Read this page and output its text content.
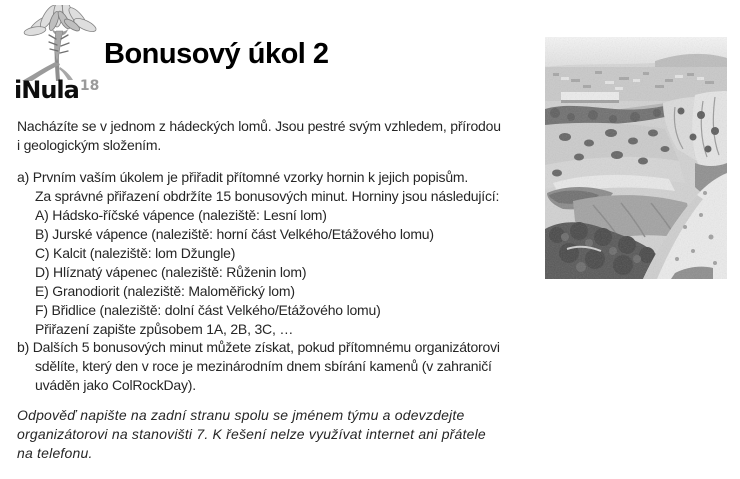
iNula$^{18}$
Bonusový úkol 2
Nacházíte se v jednom z hádeckých lomů. Jsou pestré svým vzhledem, přírodou
i geologickým složením.
a) Prvním vaším úkolem je přiřadit přítomné vzorky hornin k jejich popisům.
Za správné přiřazení obdržíte 15 bonusových minut. Horniny jsou následující:
A) Hádsko-říčské vápence (naleziště: Lesní lom)
B) Jurské vápence (naleziště: horní část Velkého/Etážového lomu)
C) Kalcit (naleziště: lom Džungle)
D) Hlíznatý vápenec (naleziště: Růženin lom)
E) Granodiorit (naleziště: Maloměřický lom)
F) Břidlice (naleziště: dolní část Velkého/Etážového lomu)
Přiřazení zapište způsobem 1A, 2B, 3C, …
b) Dalších 5 bonusových minut můžete získat, pokud přítomnému organizátorovi
sdělíte, který den v roce je mezinárodním dnem sbírání kamenů (v zahraničí
uváděn jako ColRockDay).
Odpověď napište na zadní stranu spolu se jménem týmu a odevzdejte
organizátorovi na stanovišti 7. K řešení nelze využívat internet ani přátele
na telefonu.
